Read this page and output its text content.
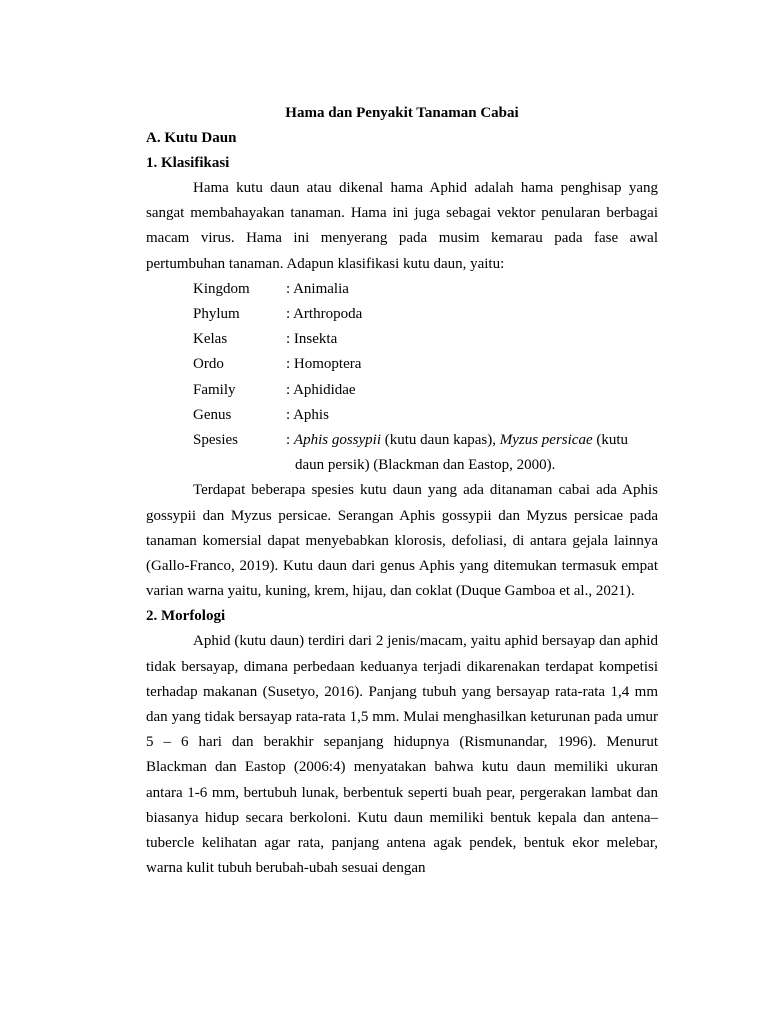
Hama dan Penyakit Tanaman Cabai

A. Kutu Daun

1. Klasifikasi

Hama kutu daun atau dikenal hama Aphid adalah hama penghisap yang sangat membahayakan tanaman. Hama ini juga sebagai vektor penularan berbagai macam virus. Hama ini menyerang pada musim kemarau pada fase awal pertumbuhan tanaman. Adapun klasifikasi kutu daun, yaitu:

Kingdom	: Animalia
Phylum	: Arthropoda
Kelas	: Insekta
Ordo	: Homoptera
Family	: Aphididae
Genus	: Aphis
Spesies	: Aphis gossypii (kutu daun kapas), Myzus persicae (kutu daun persik) (Blackman dan Eastop, 2000).

Terdapat beberapa spesies kutu daun yang ada ditanaman cabai ada Aphis gossypii dan Myzus persicae. Serangan Aphis gossypii dan Myzus persicae pada tanaman komersial dapat menyebabkan klorosis, defoliasi, di antara gejala lainnya (Gallo-Franco, 2019). Kutu daun dari genus Aphis yang ditemukan termasuk empat varian warna yaitu, kuning, krem, hijau, dan coklat (Duque Gamboa et al., 2021).

2. Morfologi

Aphid (kutu daun) terdiri dari 2 jenis/macam, yaitu aphid bersayap dan aphid tidak bersayap, dimana perbedaan keduanya terjadi dikarenakan terdapat kompetisi terhadap makanan (Susetyo, 2016). Panjang tubuh yang bersayap rata-rata 1,4 mm dan yang tidak bersayap rata-rata 1,5 mm. Mulai menghasilkan keturunan pada umur 5 – 6 hari dan berakhir sepanjang hidupnya (Rismunandar, 1996). Menurut Blackman dan Eastop (2006:4) menyatakan bahwa kutu daun memiliki ukuran antara 1-6 mm, bertubuh lunak, berbentuk seperti buah pear, pergerakan lambat dan biasanya hidup secara berkoloni. Kutu daun memiliki bentuk kepala dan antena–tubercle kelihatan agar rata, panjang antena agak pendek, bentuk ekor melebar, warna kulit tubuh berubah-ubah sesuai dengan
